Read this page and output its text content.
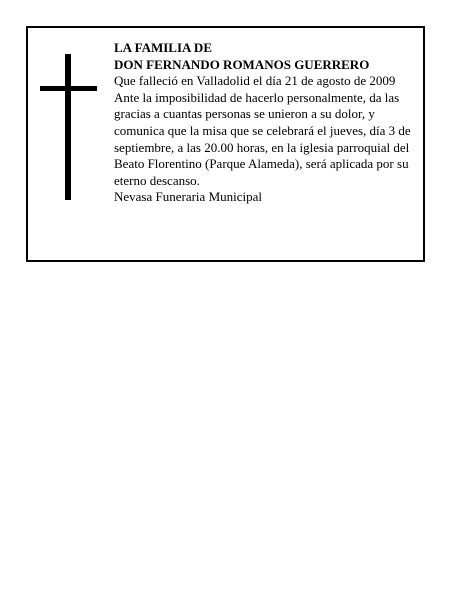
LA FAMILIA DE

DON FERNANDO ROMANOS GUERRERO

Que falleció en Valladolid el día 21 de agosto de 2009

Ante la imposibilidad de hacerlo personalmente, da las gracias a cuantas personas se unieron a su dolor, y comunica que la misa que se celebrará el jueves, día 3 de septiembre, a las 20.00 horas, en la iglesia parroquial del Beato Florentino (Parque Alameda), será aplicada por su eterno descanso.

Nevasa Funeraria Municipal
